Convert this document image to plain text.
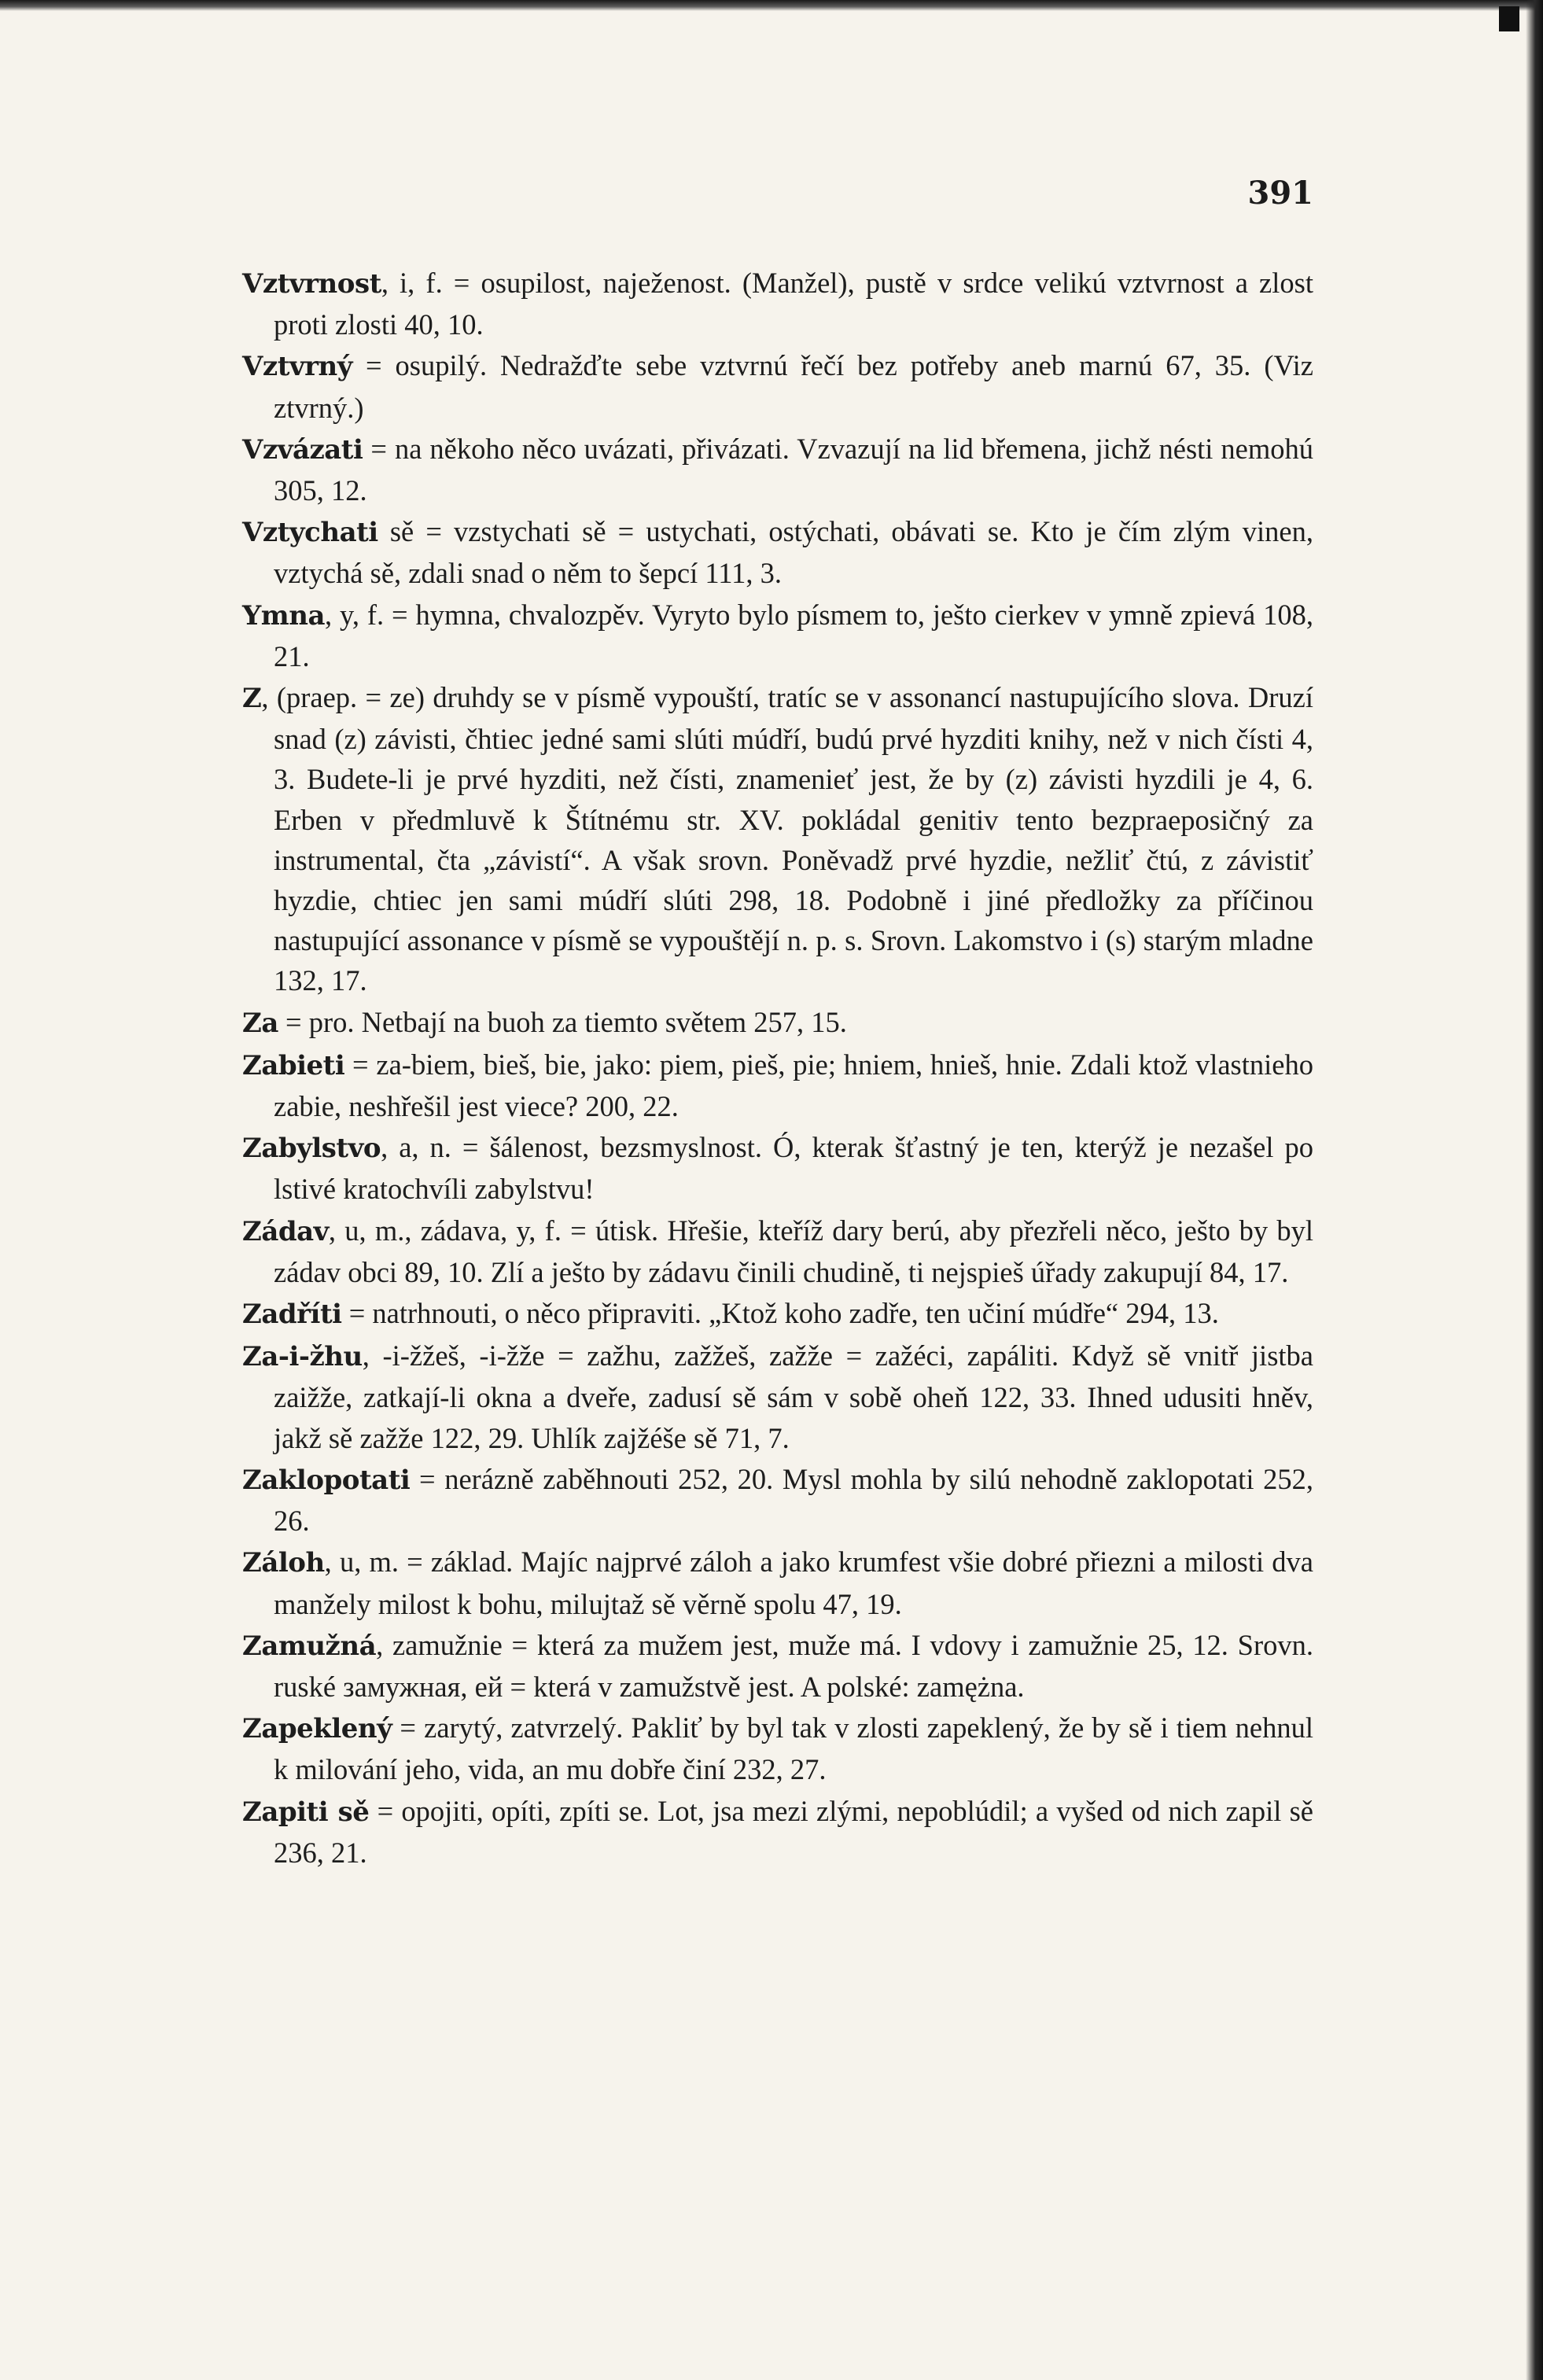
391

Vztvrnost, i, f. = osupilost, naježenost. (Manžel), pustě v srdce velikú vztvrnost a zlost proti zlosti 40, 10.

Vztvrný = osupilý. Nedražďte sebe vztvrnú řečí bez potřeby aneb marnú 67, 35. (Viz ztvrný.)

Vzvázati = na někoho něco uvázati, přivázati. Vzvazují na lid břemena, jichž nésti nemohú 305, 12.

Vztychati sě = vzstychati sě = ustychati, ostýchati, obávati se. Kto je čím zlým vinen, vztychá sě, zdali snad o něm to šepcí 111, 3.

Ymna, y, f. = hymna, chvalozpěv. Vyryto bylo písmem to, ješto cierkev v ymně zpievá 108, 21.

Z, (praep. = ze) druhdy se v písmě vypouští, tratíc se v assonancí nastupujícího slova. Druzí snad (z) závisti, čhtiec jedné sami slúti múdří, budú prvé hyzditi knihy, než v nich čísti 4, 3. Budete-li je prvé hyzditi, než čísti, znamenieť jest, že by (z) závisti hyzdili je 4, 6. Erben v předmluvě k Štítnému str. XV. pokládal genitiv tento bezpraeposičný za instrumental, čta „závistí“. A však srovn. Poněvadž prvé hyzdie, nežliť čtú, z závistiť hyzdie, chtiec jen sami múdří slúti 298, 18. Podobně i jiné předložky za příčinou nastupující assonance v písmě se vypouštějí n. p. s. Srovn. Lakomstvo i (s) starým mladne 132, 17.

Za = pro. Netbají na buoh za tiemto světem 257, 15.

Zabieti = za-biem, bieš, bie, jako: piem, pieš, pie; hniem, hnieš, hnie. Zdali ktož vlastnieho zabie, neshřešil jest viece? 200, 22.

Zabylstvo, a, n. = šálenost, bezsmyslnost. Ó, kterak šťastný je ten, kterýž je nezašel po lstivé kratochvíli zabylstvu!

Zádav, u, m., zádava, y, f. = útisk. Hřešie, kteříž dary berú, aby přezřeli něco, ješto by byl zádav obci 89, 10. Zlí a ješto by zádavu činili chudině, ti nejspieš úřady zakupují 84, 17.

Zadříti = natrhnouti, o něco připraviti. „Ktož koho zadře, ten učiní múdře“ 294, 13.

Za-i-žhu, -i-žžeš, -i-žže = zažhu, zažžeš, zažže = zažéci, zapáliti. Když sě vnitř jistba zaižže, zatkají-li okna a dveře, zadusí sě sám v sobě oheň 122, 33. Ihned udusiti hněv, jakž sě zažže 122, 29. Uhlík zajžéše sě 71, 7.

Zaklopotati = nerázně zaběhnouti 252, 20. Mysl mohla by silú nehodně zaklopotati 252, 26.

Záloh, u, m. = základ. Majíc najprvé záloh a jako krumfest všie dobré přiezni a milosti dva manžely milost k bohu, milujtaž sě věrně spolu 47, 19.

Zamužná, zamužnie = která za mužem jest, muže má. I vdovy i zamužnie 25, 12. Srovn. ruské замужная, ей = která v zamužstvě jest. A polské: zamężna.

Zapeklený = zarytý, zatvrzelý. Pakliť by byl tak v zlosti zapeklený, že by sě i tiem nehnul k milování jeho, vida, an mu dobře činí 232, 27.

Zapiti sě = opojiti, opíti, zpíti se. Lot, jsa mezi zlými, nepoblúdil; a vyšed od nich zapil sě 236, 21.
